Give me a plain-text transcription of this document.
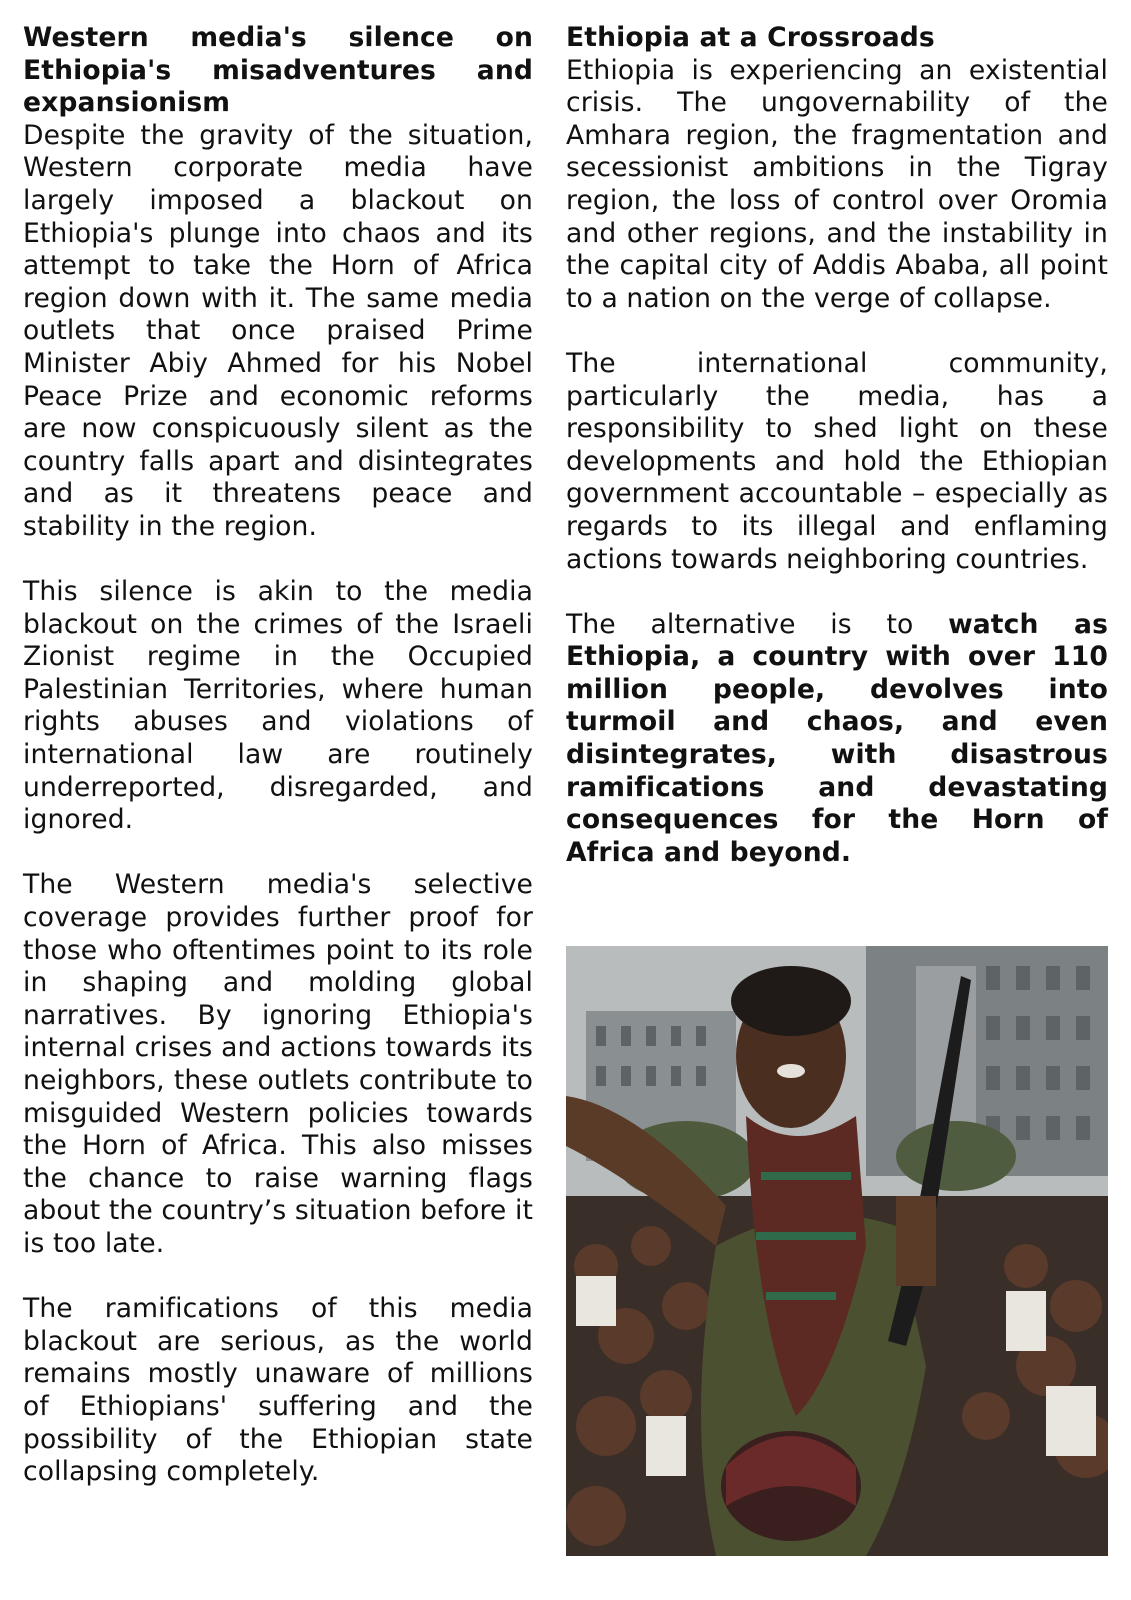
Western media's silence on Ethiopia's misadventures and expansionism

Despite the gravity of the situation, Western corporate media have largely imposed a blackout on Ethiopia's plunge into chaos and its attempt to take the Horn of Africa region down with it. The same media outlets that once praised Prime Minister Abiy Ahmed for his Nobel Peace Prize and economic reforms are now conspicuously silent as the country falls apart and disintegrates and as it threatens peace and stability in the region.

This silence is akin to the media blackout on the crimes of the Israeli Zionist regime in the Occupied Palestinian Territories, where human rights abuses and violations of international law are routinely underreported, disregarded, and ignored.

The Western media's selective coverage provides further proof for those who oftentimes point to its role in shaping and molding global narratives. By ignoring Ethiopia's internal crises and actions towards its neighbors, these outlets contribute to misguided Western policies towards the Horn of Africa. This also misses the chance to raise warning flags about the country’s situation before it is too late.

The ramifications of this media blackout are serious, as the world remains mostly unaware of millions of Ethiopians' suffering and the possibility of the Ethiopian state collapsing completely.

Ethiopia at a Crossroads

Ethiopia is experiencing an existential crisis. The ungovernability of the Amhara region, the fragmentation and secessionist ambitions in the Tigray region, the loss of control over Oromia and other regions, and the instability in the capital city of Addis Ababa, all point to a nation on the verge of collapse.

The international community, particularly the media, has a responsibility to shed light on these developments and hold the Ethiopian government accountable – especially as regards to its illegal and enflaming actions towards neighboring countries.

The alternative is to watch as Ethiopia, a country with over 110 million people, devolves into turmoil and chaos, and even disintegrates, with disastrous ramifications and devastating consequences for the Horn of Africa and beyond.
